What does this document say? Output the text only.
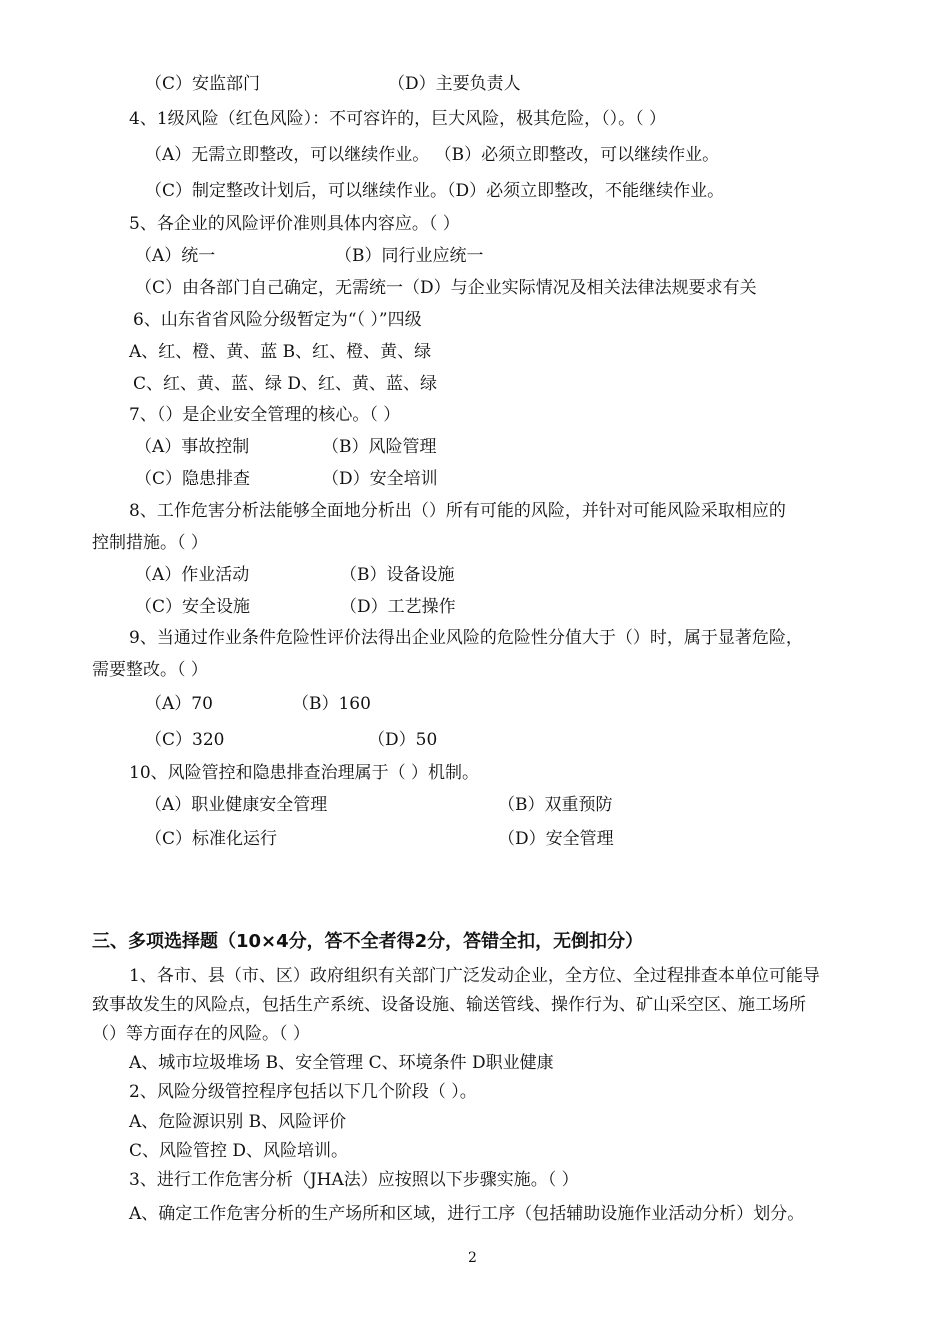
（C）安监部门	（D）主要负责人
4、1级风险（红色风险）：不可容许的，巨大风险，极其危险，（）。（ ）
（A）无需立即整改，可以继续作业。 （B）必须立即整改，可以继续作业。
（C）制定整改计划后，可以继续作业。（D）必须立即整改，不能继续作业。
5、各企业的风险评价准则具体内容应。（ ）
（A）统一	（B）同行业应统一
（C）由各部门自己确定，无需统一（D）与企业实际情况及相关法律法规要求有关
6、山东省省风险分级暂定为“（ ）”四级
A、红、橙、黄、蓝 B、红、橙、黄、绿
C、红、黄、蓝、绿 D、红、黄、蓝、绿
7、（）是企业安全管理的核心。（ ）
（A）事故控制	（B）风险管理
（C）隐患排查	（D）安全培训
8、工作危害分析法能够全面地分析出（）所有可能的风险，并针对可能风险采取相应的
控制措施。（ ）
（A）作业活动	（B）设备设施
（C）安全设施	（D）工艺操作
9、当通过作业条件危险性评价法得出企业风险的危险性分值大于（）时，属于显著危险，
需要整改。（ ）
（A）70	（B）160
（C）320	（D）50
10、风险管控和隐患排查治理属于（ ）机制。
（A）职业健康安全管理	（B）双重预防
（C）标准化运行	（D）安全管理
三、多项选择题（10×4分，答不全者得2分，答错全扣，无倒扣分）
1、各市、县（市、区）政府组织有关部门广泛发动企业，全方位、全过程排查本单位可能导
致事故发生的风险点，包括生产系统、设备设施、输送管线、操作行为、矿山采空区、施工场所
（）等方面存在的风险。（ ）
A、城市垃圾堆场 B、安全管理 C、环境条件 D职业健康
2、风险分级管控程序包括以下几个阶段（ ）。
A、危险源识别 B、风险评价
C、风险管控 D、风险培训。
3、进行工作危害分析（JHA法）应按照以下步骤实施。（ ）
A、确定工作危害分析的生产场所和区域，进行工序（包括辅助设施作业活动分析）划分。
2
